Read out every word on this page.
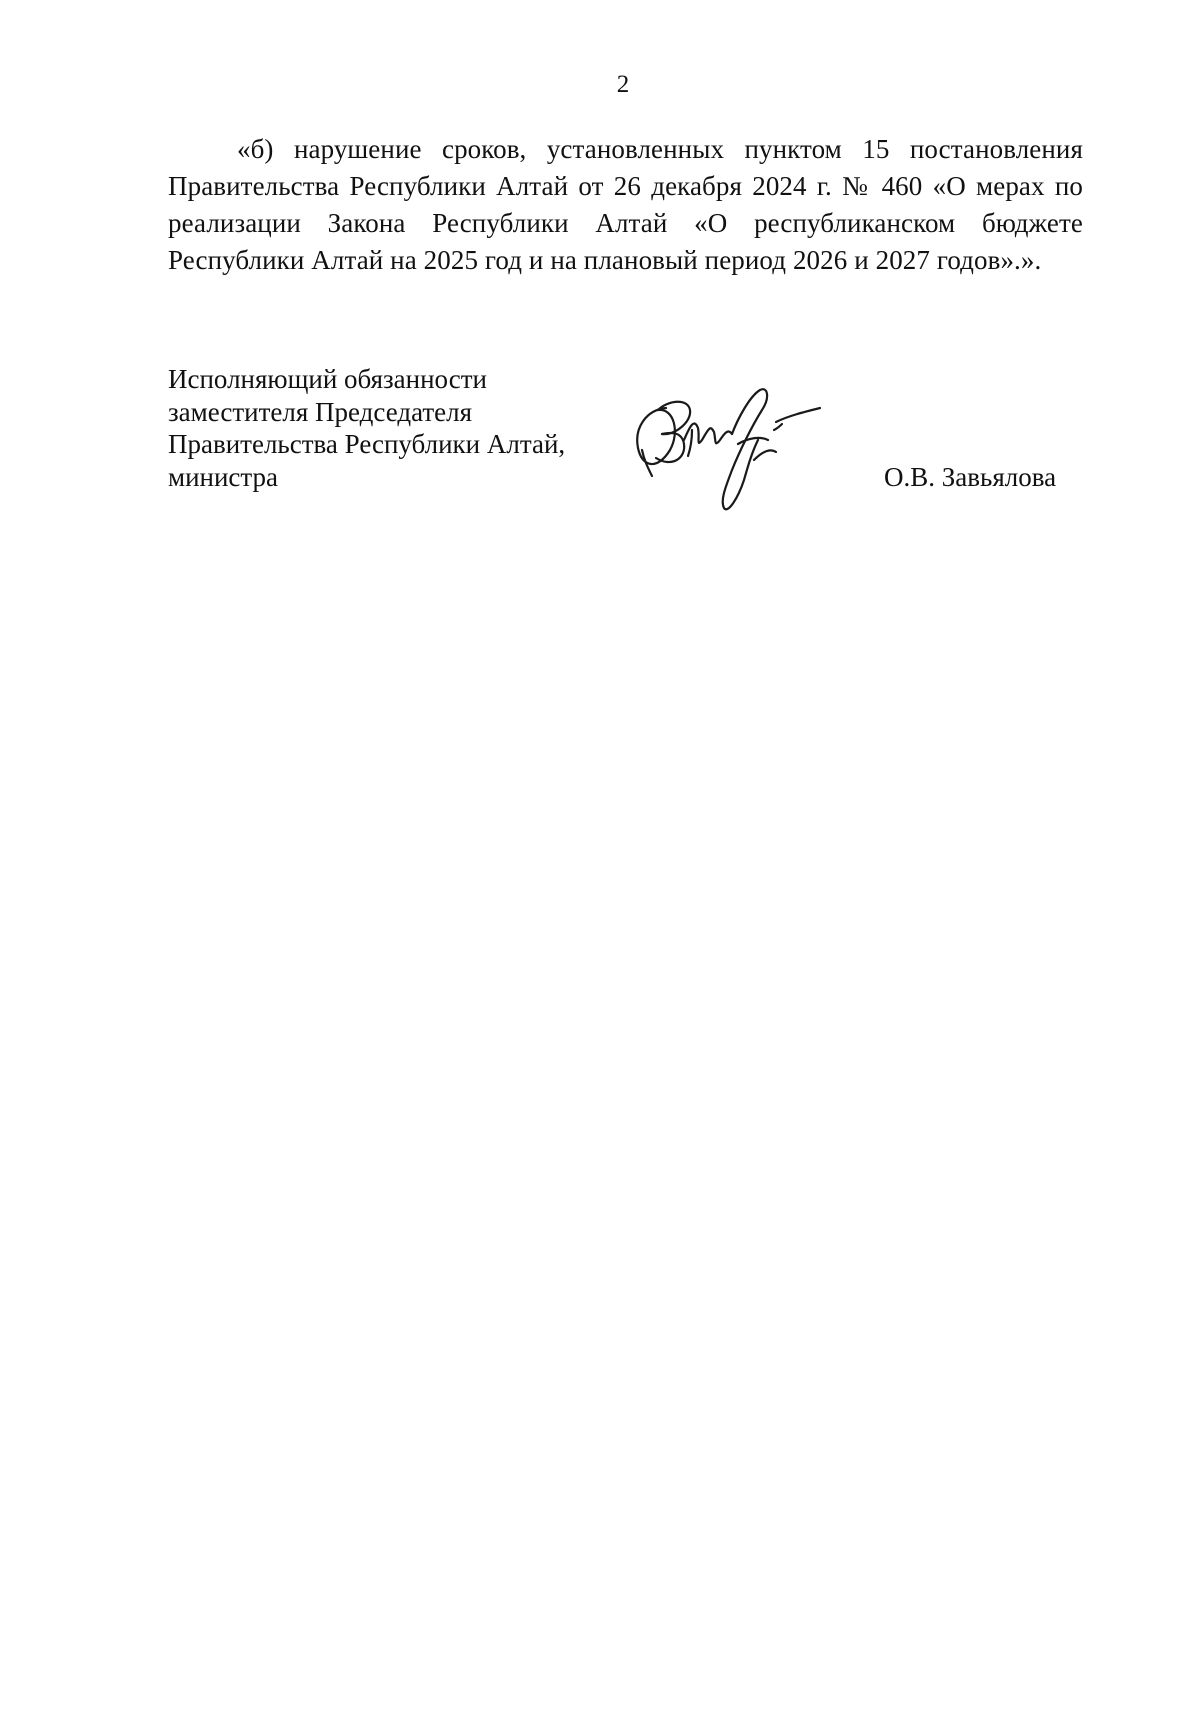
2

«б) нарушение сроков, установленных пунктом 15 постановления Правительства Республики Алтай от 26 декабря 2024 г. № 460 «О мерах по реализации Закона Республики Алтай «О республиканском бюджете Республики Алтай на 2025 год и на плановый период 2026 и 2027 годов».».

Исполняющий обязанности
заместителя Председателя
Правительства Республики Алтай,
министра	О.В. Завьялова
